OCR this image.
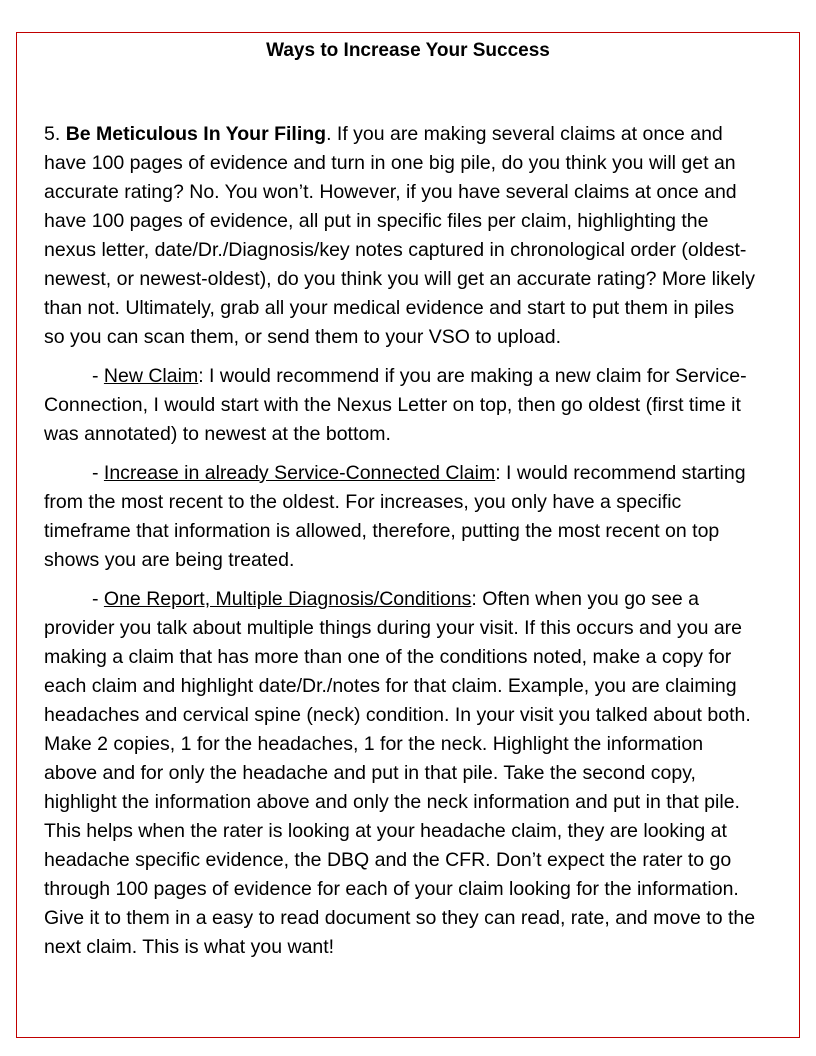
Ways to Increase Your Success

5. Be Meticulous In Your Filing. If you are making several claims at once and have 100 pages of evidence and turn in one big pile, do you think you will get an accurate rating? No. You won’t. However, if you have several claims at once and have 100 pages of evidence, all put in specific files per claim, highlighting the nexus letter, date/Dr./Diagnosis/key notes captured in chronological order (oldest-newest, or newest-oldest), do you think you will get an accurate rating? More likely than not. Ultimately, grab all your medical evidence and start to put them in piles so you can scan them, or send them to your VSO to upload.

- New Claim: I would recommend if you are making a new claim for Service-Connection, I would start with the Nexus Letter on top, then go oldest (first time it was annotated) to newest at the bottom.

- Increase in already Service-Connected Claim: I would recommend starting from the most recent to the oldest. For increases, you only have a specific timeframe that information is allowed, therefore, putting the most recent on top shows you are being treated.

- One Report, Multiple Diagnosis/Conditions: Often when you go see a provider you talk about multiple things during your visit. If this occurs and you are making a claim that has more than one of the conditions noted, make a copy for each claim and highlight date/Dr./notes for that claim. Example, you are claiming headaches and cervical spine (neck) condition. In your visit you talked about both. Make 2 copies, 1 for the headaches, 1 for the neck. Highlight the information above and for only the headache and put in that pile. Take the second copy, highlight the information above and only the neck information and put in that pile. This helps when the rater is looking at your headache claim, they are looking at headache specific evidence, the DBQ and the CFR. Don’t expect the rater to go through 100 pages of evidence for each of your claim looking for the information. Give it to them in a easy to read document so they can read, rate, and move to the next claim. This is what you want!
